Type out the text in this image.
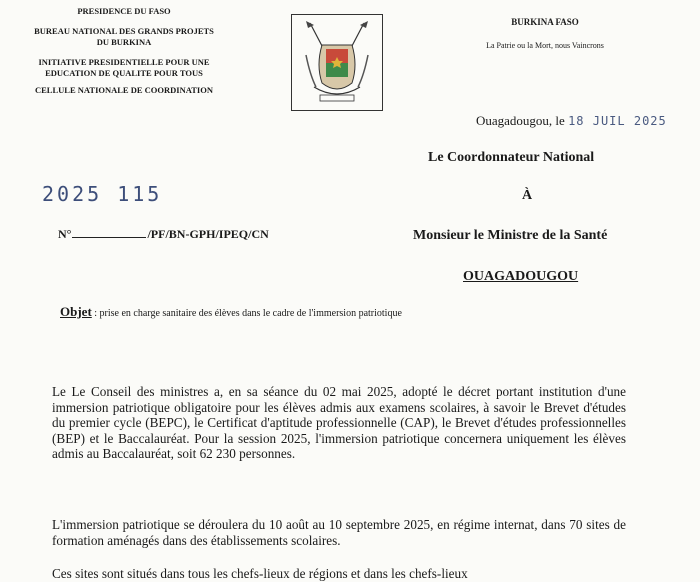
PRESIDENCE DU FASO
BUREAU NATIONAL DES GRANDS PROJETS
DU BURKINA
INITIATIVE PRESIDENTIELLE POUR UNE
EDUCATION DE QUALITE POUR TOUS
CELLULE NATIONALE DE COORDINATION
BURKINA FASO
La Patrie ou la Mort, nous Vaincrons
Ouagadougou, le 18 JUIL 2025
Le Coordonnateur National
À
Monsieur le Ministre de la Santé
OUAGADOUGOU
2025 115
N°	/PF/BN-GPH/IPEQ/CN
Objet : prise en charge sanitaire des élèves dans le cadre de l'immersion patriotique
Le Le Conseil des ministres a, en sa séance du 02 mai 2025, adopté le décret portant institution d'une immersion patriotique obligatoire pour les élèves admis aux examens scolaires, à savoir le Brevet d'études du premier cycle (BEPC), le Certificat d'aptitude professionnelle (CAP), le Brevet d'études professionnelles (BEP) et le Baccalauréat. Pour la session 2025, l'immersion patriotique concernera uniquement les élèves admis au Baccalauréat, soit 62 230 personnes.
L'immersion patriotique se déroulera du 10 août au 10 septembre 2025, en régime internat, dans 70 sites de formation aménagés dans des établissements scolaires.
Ces sites sont situés dans tous les chefs-lieux de régions et dans les chefs-lieux
